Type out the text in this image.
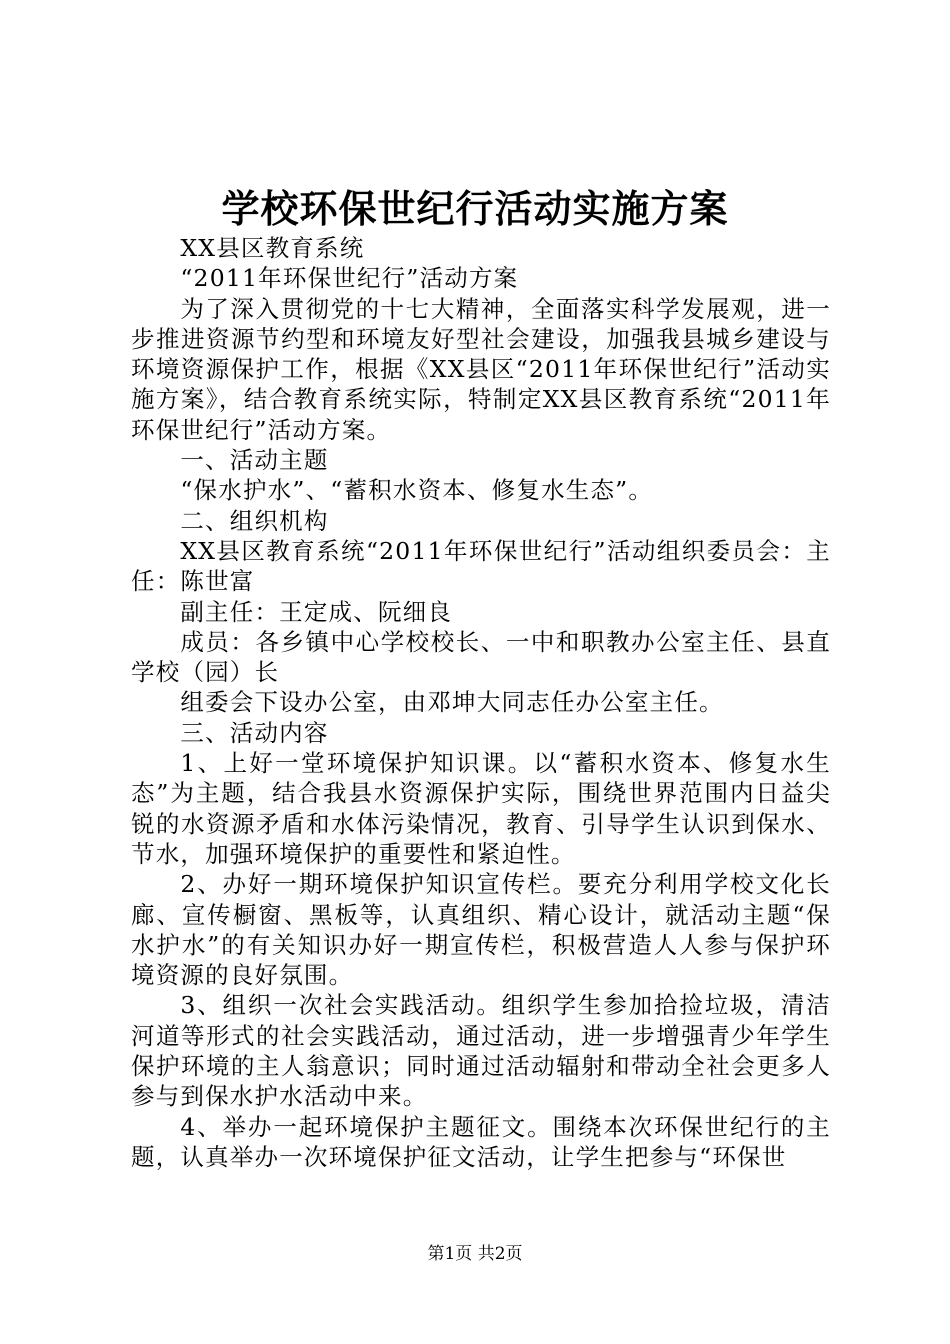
学校环保世纪行活动实施方案

XX县区教育系统

“2011年环保世纪行”活动方案

为了深入贯彻党的十七大精神，全面落实科学发展观，进一步推进资源节约型和环境友好型社会建设，加强我县城乡建设与环境资源保护工作，根据《XX县区“2011年环保世纪行”活动实施方案》，结合教育系统实际，特制定XX县区教育系统“2011年环保世纪行”活动方案。

一、活动主题

“保水护水”、“蓄积水资本、修复水生态”。

二、组织机构

XX县区教育系统“2011年环保世纪行”活动组织委员会：主任：陈世富

副主任：王定成、阮细良

成员：各乡镇中心学校校长、一中和职教办公室主任、县直学校（园）长

组委会下设办公室，由邓坤大同志任办公室主任。

三、活动内容

1、上好一堂环境保护知识课。以“蓄积水资本、修复水生态”为主题，结合我县水资源保护实际，围绕世界范围内日益尖锐的水资源矛盾和水体污染情况，教育、引导学生认识到保水、节水，加强环境保护的重要性和紧迫性。

2、办好一期环境保护知识宣传栏。要充分利用学校文化长廊、宣传橱窗、黑板等，认真组织、精心设计，就活动主题“保水护水”的有关知识办好一期宣传栏，积极营造人人参与保护环境资源的良好氛围。

3、组织一次社会实践活动。组织学生参加拾捡垃圾，清洁河道等形式的社会实践活动，通过活动，进一步增强青少年学生保护环境的主人翁意识；同时通过活动辐射和带动全社会更多人参与到保水护水活动中来。

4、举办一起环境保护主题征文。围绕本次环保世纪行的主题，认真举办一次环境保护征文活动，让学生把参与“环保世

第1页 共2页
